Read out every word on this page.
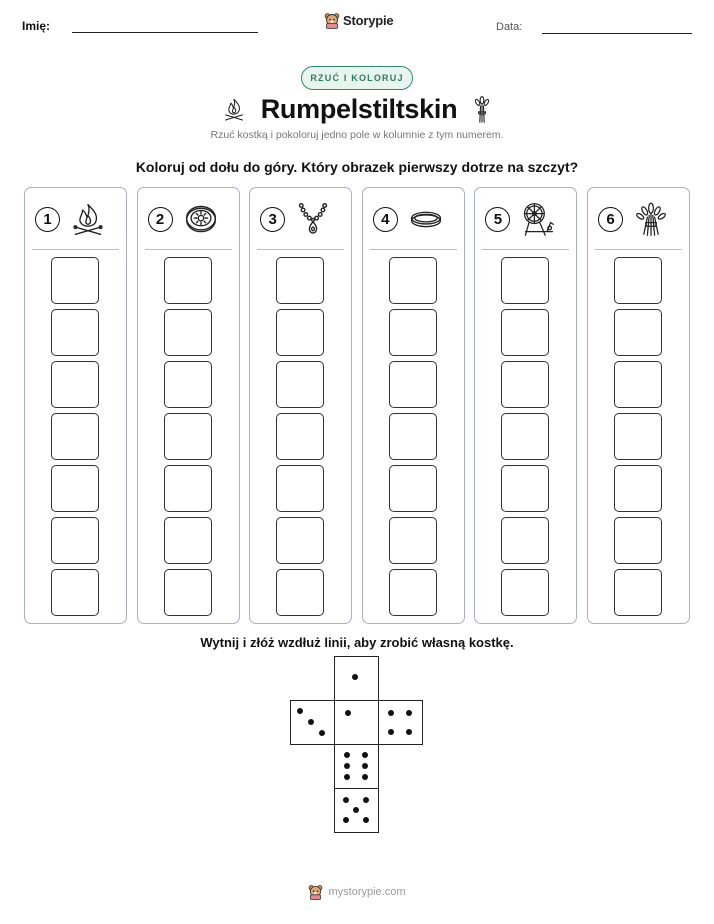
Imię:	Storypie	Data:
RZUĆ I KOLORUJ
Rumpelstiltskin
Rzuć kostką i pokoloruj jedno pole w kolumnie z tym numerem.
Koloruj od dołu do góry. Który obrazek pierwszy dotrze na szczyt?
1	2	3	4	5	6
Wytnij i złóż wzdłuż linii, aby zrobić własną kostkę.
mystorypie.com
